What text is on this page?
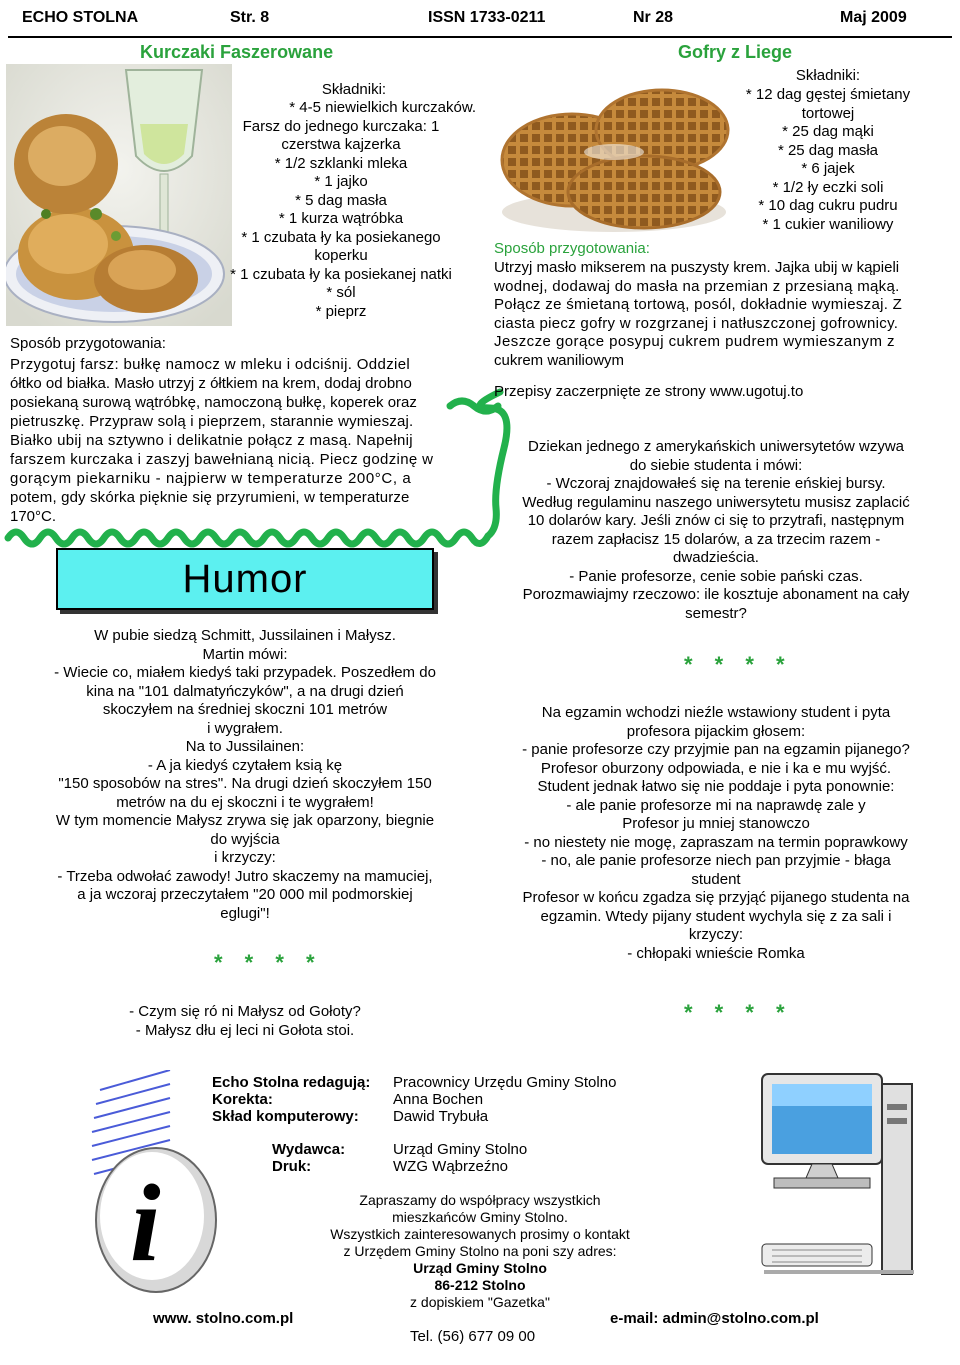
ECHO STOLNA	Str. 8	ISSN 1733-0211	Nr 28	Maj 2009
Kurczaki Faszerowane
Składniki:
* 4-5 niewielkich kurczaków.
Farsz do jednego kurczaka: 1
czerstwa kajzerka
* 1/2 szklanki mleka
* 1 jajko
* 5 dag masła
* 1 kurza wątróbka
* 1 czubata ły ka posiekanego
koperku
* 1 czubata ły ka posiekanej natki
* sól
* pieprz
Sposób przygotowania:
Przygotuj farsz: bułkę namocz w mleku i odciśnij. Oddziel
ółtko od białka. Masło utrzyj z ółtkiem na krem, dodaj drobno
posiekaną surową wątróbkę, namoczoną bułkę, koperek oraz
pietruszkę. Przypraw solą i pieprzem, starannie wymieszaj.
Białko ubij na sztywno i delikatnie połącz z masą. Napełnij
farszem kurczaka i zaszyj bawełnianą nicią. Piecz godzinę w
gorącym piekarniku - najpierw w temperaturze 200°C, a
potem, gdy skórka pięknie się przyrumieni, w temperaturze
170°C.
Humor
W pubie siedzą Schmitt, Jussilainen i Małysz.
Martin mówi:
- Wiecie co, miałem kiedyś taki przypadek. Poszedłem do
kina na "101 dalmatyńczyków", a na drugi dzień
skoczyłem na średniej skoczni 101 metrów
i wygrałem.
Na to Jussilainen:
- A ja kiedyś czytałem ksią kę
"150 sposobów na stres". Na drugi dzień skoczyłem 150
metrów na du ej skoczni i te wygrałem!
W tym momencie Małysz zrywa się jak oparzony, biegnie
do wyjścia
i krzyczy:
- Trzeba odwołać zawody! Jutro skaczemy na mamuciej,
a ja wczoraj przeczytałem "20 000 mil podmorskiej
eglugi"!
* * * *
- Czym się ró ni Małysz od Gołoty?
- Małysz dłu ej leci ni Gołota stoi.
Gofry z Liege
Składniki:
* 12 dag gęstej śmietany
tortowej
* 25 dag mąki
* 25 dag masła
* 6 jajek
* 1/2 ły eczki soli
* 10 dag cukru pudru
* 1 cukier waniliowy
Sposób przygotowania:
Utrzyj masło mikserem na puszysty krem. Jajka ubij w kąpieli
wodnej, dodawaj do masła na przemian z przesianą mąką.
Połącz ze śmietaną tortową, posól, dokładnie wymieszaj. Z
ciasta piecz gofry w rozgrzanej i natłuszczonej gofrownicy.
Jeszcze gorące posypuj cukrem pudrem wymieszanym z
cukrem waniliowym
Przepisy zaczerpnięte ze strony www.ugotuj.to
Dziekan jednego z amerykańskich uniwersytetów wzywa
do siebie studenta i mówi:
- Wczoraj znajdowałeś się na terenie eńskiej bursy.
Według regulaminu naszego uniwersytetu musisz zaplacić
10 dolarów kary. Jeśli znów ci się to przytrafi, następnym
razem zapłacisz 15 dolarów, a za trzecim razem -
dwadzieścia.
- Panie profesorze, cenie sobie pański czas.
Porozmawiajmy rzeczowo: ile kosztuje abonament na cały
semestr?
* * * *
Na egzamin wchodzi nieźle wstawiony student i pyta
profesora pijackim głosem:
- panie profesorze czy przyjmie pan na egzamin pijanego?
Profesor oburzony odpowiada, e nie i ka e mu wyjść.
Student jednak łatwo się nie poddaje i pyta ponownie:
- ale panie profesorze mi na naprawdę zale y
Profesor ju mniej stanowczo
- no niestety nie mogę, zapraszam na termin poprawkowy
- no, ale panie profesorze niech pan przyjmie - błaga
student
Profesor w końcu zgadza się przyjąć pijanego studenta na
egzamin. Wtedy pijany student wychyla się z za sali i
krzyczy:
- chłopaki wnieście Romka
* * * *
i
Echo Stolna redagują: Pracownicy Urzędu Gminy Stolno
Korekta:	Anna Bochen
Skład komputerowy: Dawid Trybuła
Wydawca:	Urząd Gminy Stolno
Druk:	WZG Wąbrzeźno
Zapraszamy do współpracy wszystkich
mieszkańców Gminy Stolno.
Wszystkich zainteresowanych prosimy o kontakt
z Urzędem Gminy Stolno na poni szy adres:
Urząd Gminy Stolno
86-212 Stolno
z dopiskiem "Gazetka"
www. stolno.com.pl	e-mail: admin@stolno.com.pl
Tel. (56) 677 09 00
